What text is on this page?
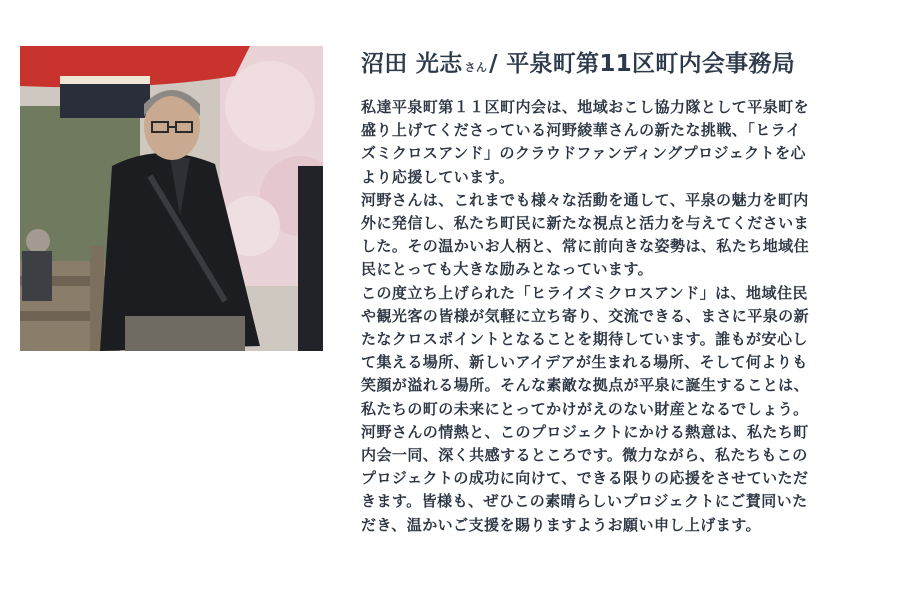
沼田 光志 さん/ 平泉町第11区町内会事務局
私達平泉町第１１区町内会は、地域おこし協力隊として平泉町を
盛り上げてくださっている河野綾華さんの新たな挑戦、「ヒライ
ズミクロスアンド」のクラウドファンディングプロジェクトを心
より応援しています。
河野さんは、これまでも様々な活動を通して、平泉の魅力を町内
外に発信し、私たち町民に新たな視点と活力を与えてくださいま
した。その温かいお人柄と、常に前向きな姿勢は、私たち地域住
民にとっても大きな励みとなっています。
この度立ち上げられた「ヒライズミクロスアンド」は、地域住民
や観光客の皆様が気軽に立ち寄り、交流できる、まさに平泉の新
たなクロスポイントとなることを期待しています。誰もが安心し
て集える場所、新しいアイデアが生まれる場所、そして何よりも
笑顔が溢れる場所。そんな素敵な拠点が平泉に誕生することは、
私たちの町の未来にとってかけがえのない財産となるでしょう。
河野さんの情熱と、このプロジェクトにかける熱意は、私たち町
内会一同、深く共感するところです。微力ながら、私たちもこの
プロジェクトの成功に向けて、できる限りの応援をさせていただ
きます。皆様も、ぜひこの素晴らしいプロジェクトにご賛同いた
だき、温かいご支援を賜りますようお願い申し上げます。
